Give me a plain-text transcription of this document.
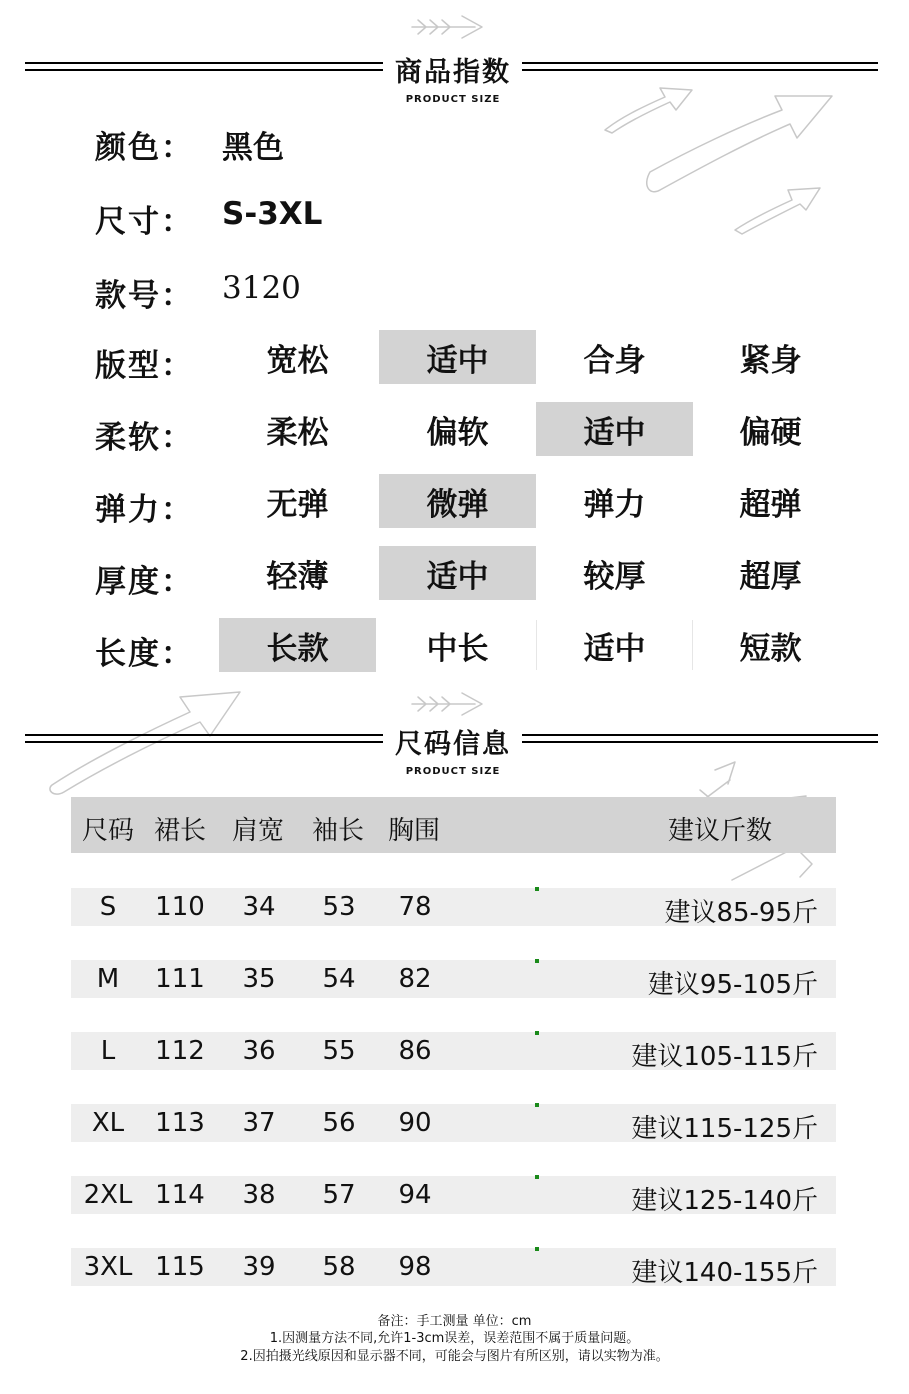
商品指数
PRODUCT SIZE
颜色： 黑色
尺寸： S-3XL
款号： 3120
版型：	宽松	适中	合身	紧身
柔软：	柔松	偏软	适中	偏硬
弹力：	无弹	微弹	弹力	超弹
厚度：	轻薄	适中	较厚	超厚
长度：	长款	中长	适中	短款
尺码信息
PRODUCT SIZE
尺码 裙长 肩宽 袖长 胸围	建议斤数
S	110	34	53	78	建议85-95斤
M	111	35	54	82	建议95-105斤
L	112	36	55	86	建议105-115斤
XL	113	37	56	90	建议115-125斤
2XL 114	38	57	94	建议125-140斤
3XL 115	39	58	98	建议140-155斤
备注：手工测量 单位：cm
1.因测量方法不同,允许1-3cm误差，误差范围不属于质量问题。
2.因拍摄光线原因和显示器不同，可能会与图片有所区别，请以实物为准。
